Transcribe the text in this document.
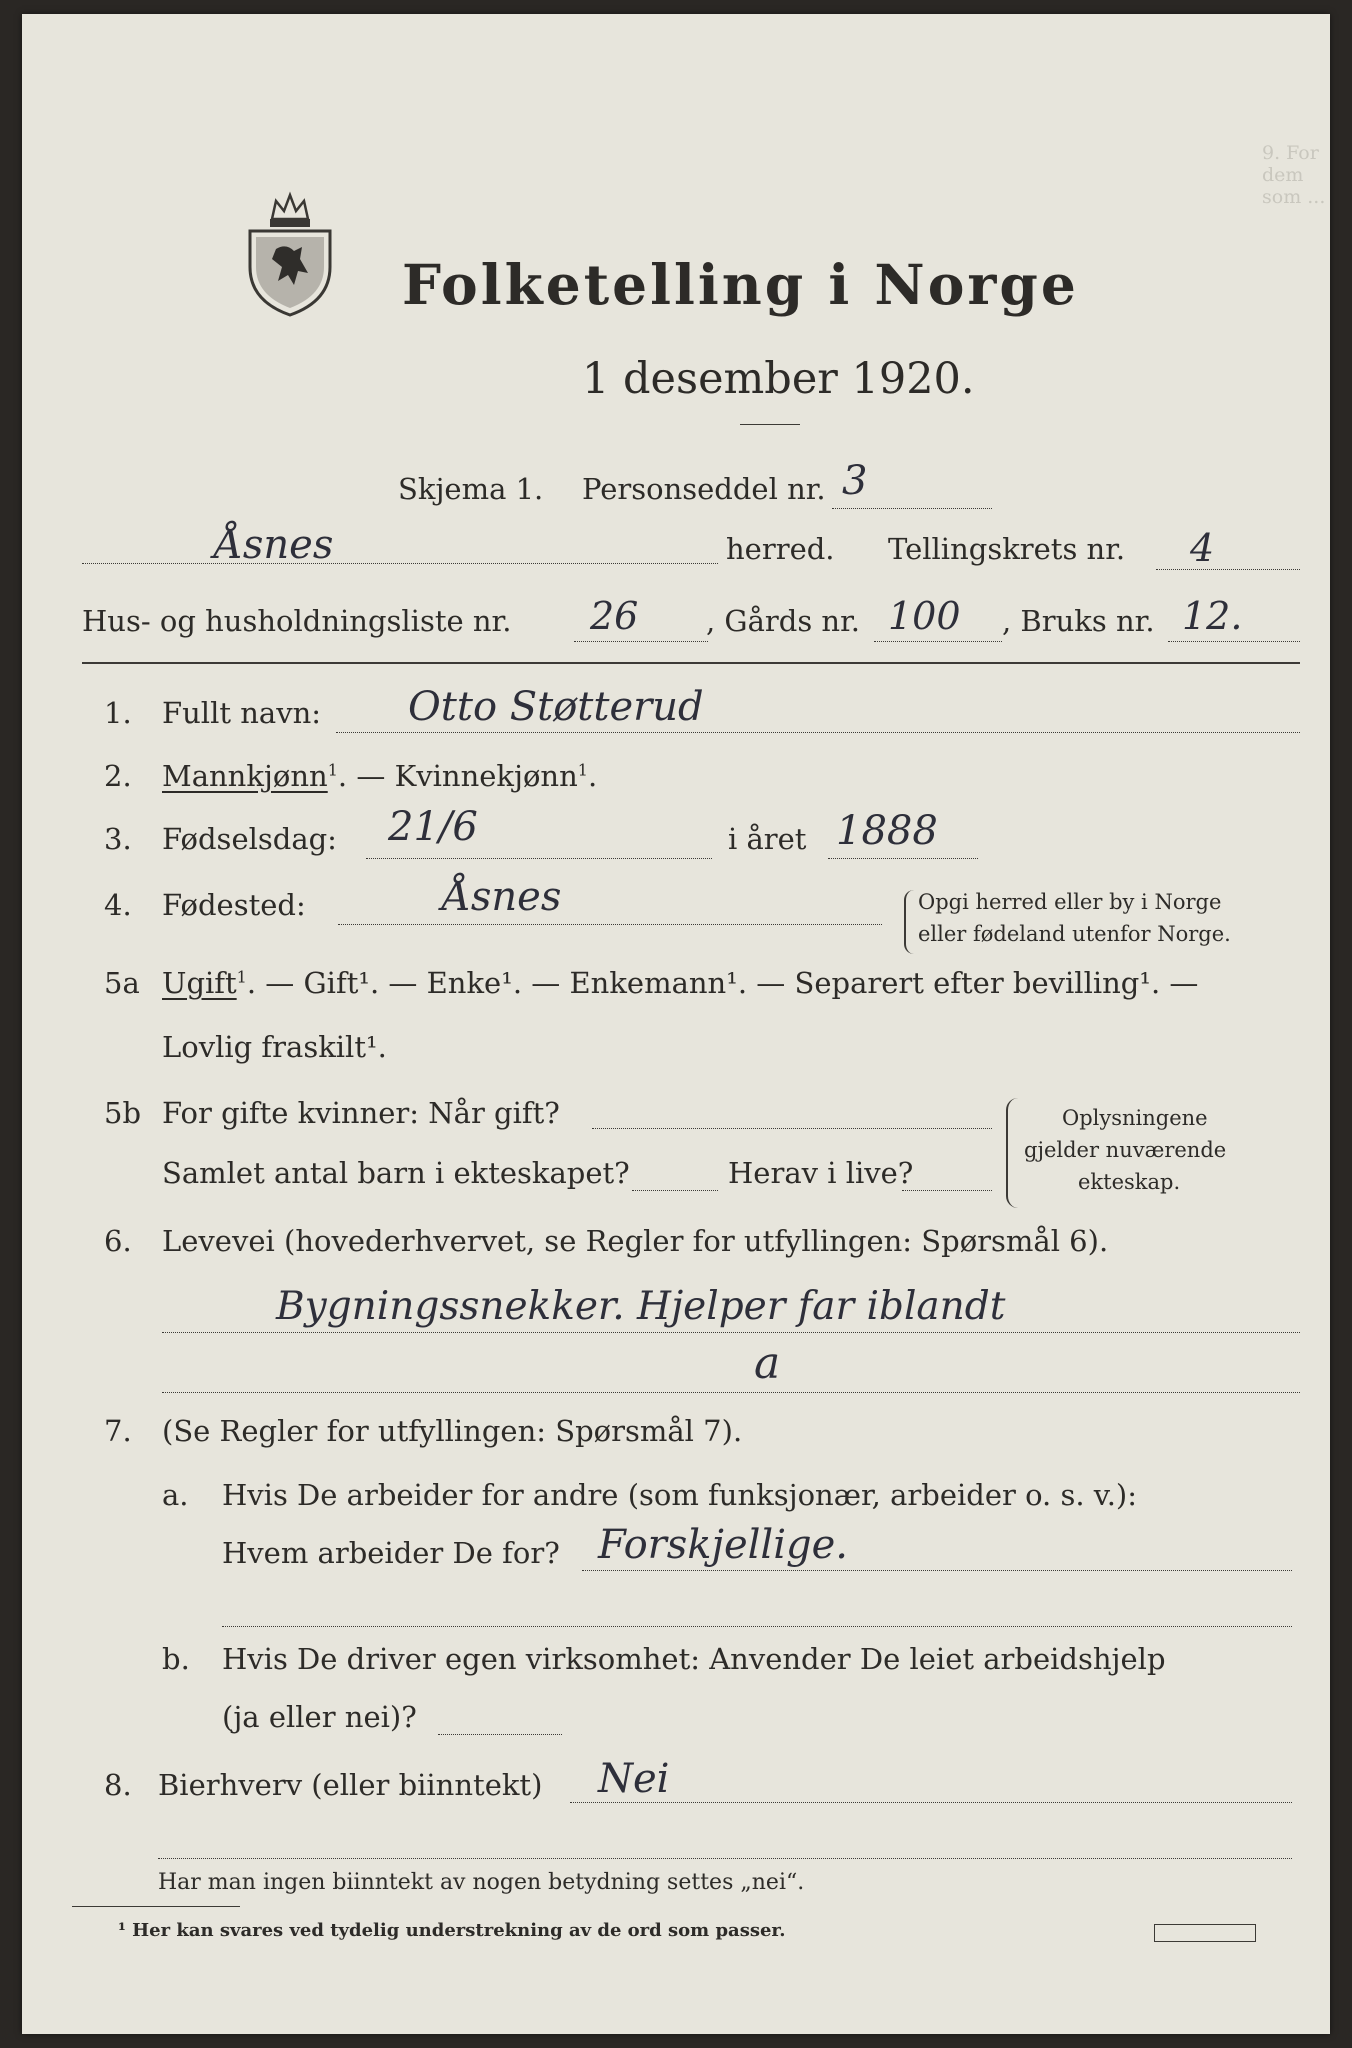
9. For dem som ...
Folketelling i Norge
1 desember 1920.
Skjema 1. Personseddel nr. 3
Åsnes	herred. Tellingskrets nr. 4
Hus- og husholdningsliste nr. 26 , Gårds nr. 100 , Bruks nr. 12.
1. Fullt navn: Otto Støtterud
2. Mannkjønn$^1$. — Kvinnekjønn$^1$.
3. Fødselsdag: 21/6	i året 1888
4. Fødested:	Åsnes	Opgi herred eller by i Norge
eller fødeland utenfor Norge.
5a Ugift$^1$. — Gift¹. — Enke¹. — Enkemann¹. — Separert efter bevilling¹. —
Lovlig fraskilt¹.
5b For gifte kvinner: Når gift?
Samlet antal barn i ekteskapet?	Herav i live?
Oplysningene
gjelder nuværende
ekteskap.
6. Levevei (hovederhvervet, se Regler for utfyllingen: Spørsmål 6).
Bygningssnekker. Hjelper far iblandt
a
7. (Se Regler for utfyllingen: Spørsmål 7).
a. Hvis De arbeider for andre (som funksjonær, arbeider o. s. v.):
Hvem arbeider De for? Forskjellige.
b. Hvis De driver egen virksomhet: Anvender De leiet arbeidshjelp
(ja eller nei)?
8. Bierhverv (eller biinntekt) Nei
Har man ingen biinntekt av nogen betydning settes „nei“.
¹ Her kan svares ved tydelig understrekning av de ord som passer.
